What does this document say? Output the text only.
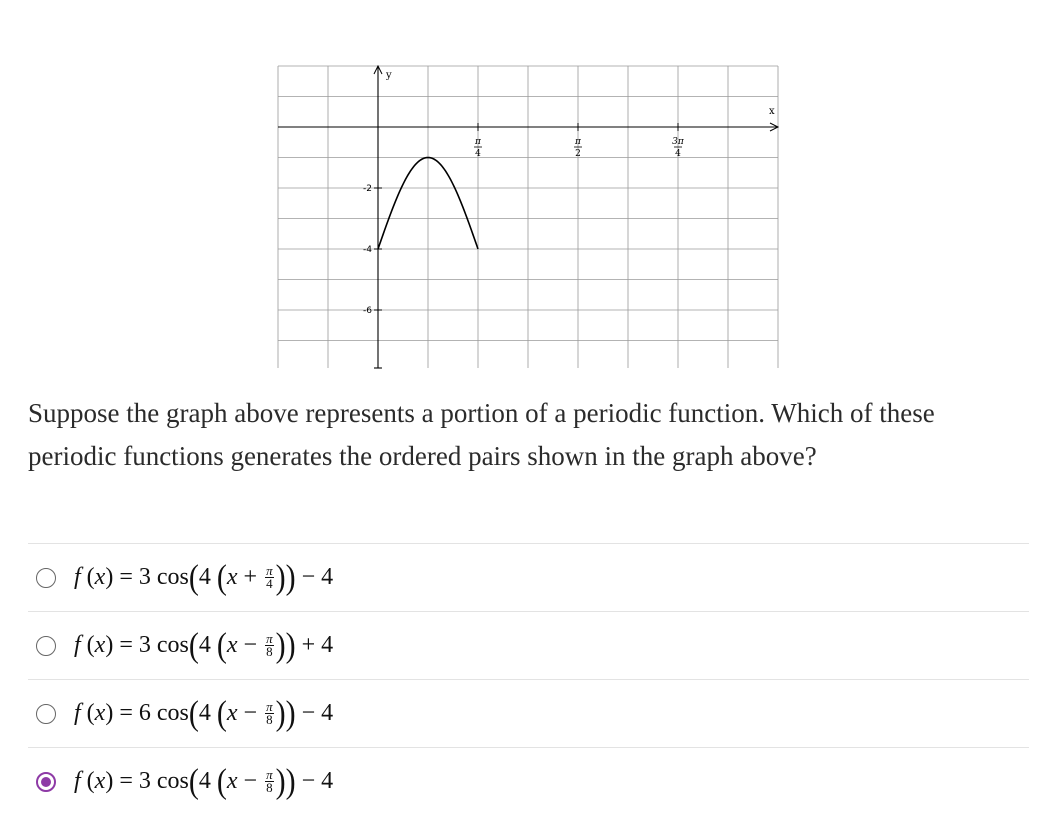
-2
-4
-6
π
4
π
2
3π
4
x
y

Suppose the graph above represents a portion of a periodic function. Which of these

periodic functions generates the ordered pairs shown in the graph above?

f ( x ) = 3 cos ( 4 ( $x + \frac{\pi}{4}$ )) − 4
f ( x ) = 3 cos ( 4 ( $x - \frac{\pi}{8}$ )) + 4
f ( x ) = 6 cos ( 4 ( $x - \frac{\pi}{8}$ )) − 4
f ( x ) = 3 cos ( 4 ( $x - \frac{\pi}{8}$ )) − 4
